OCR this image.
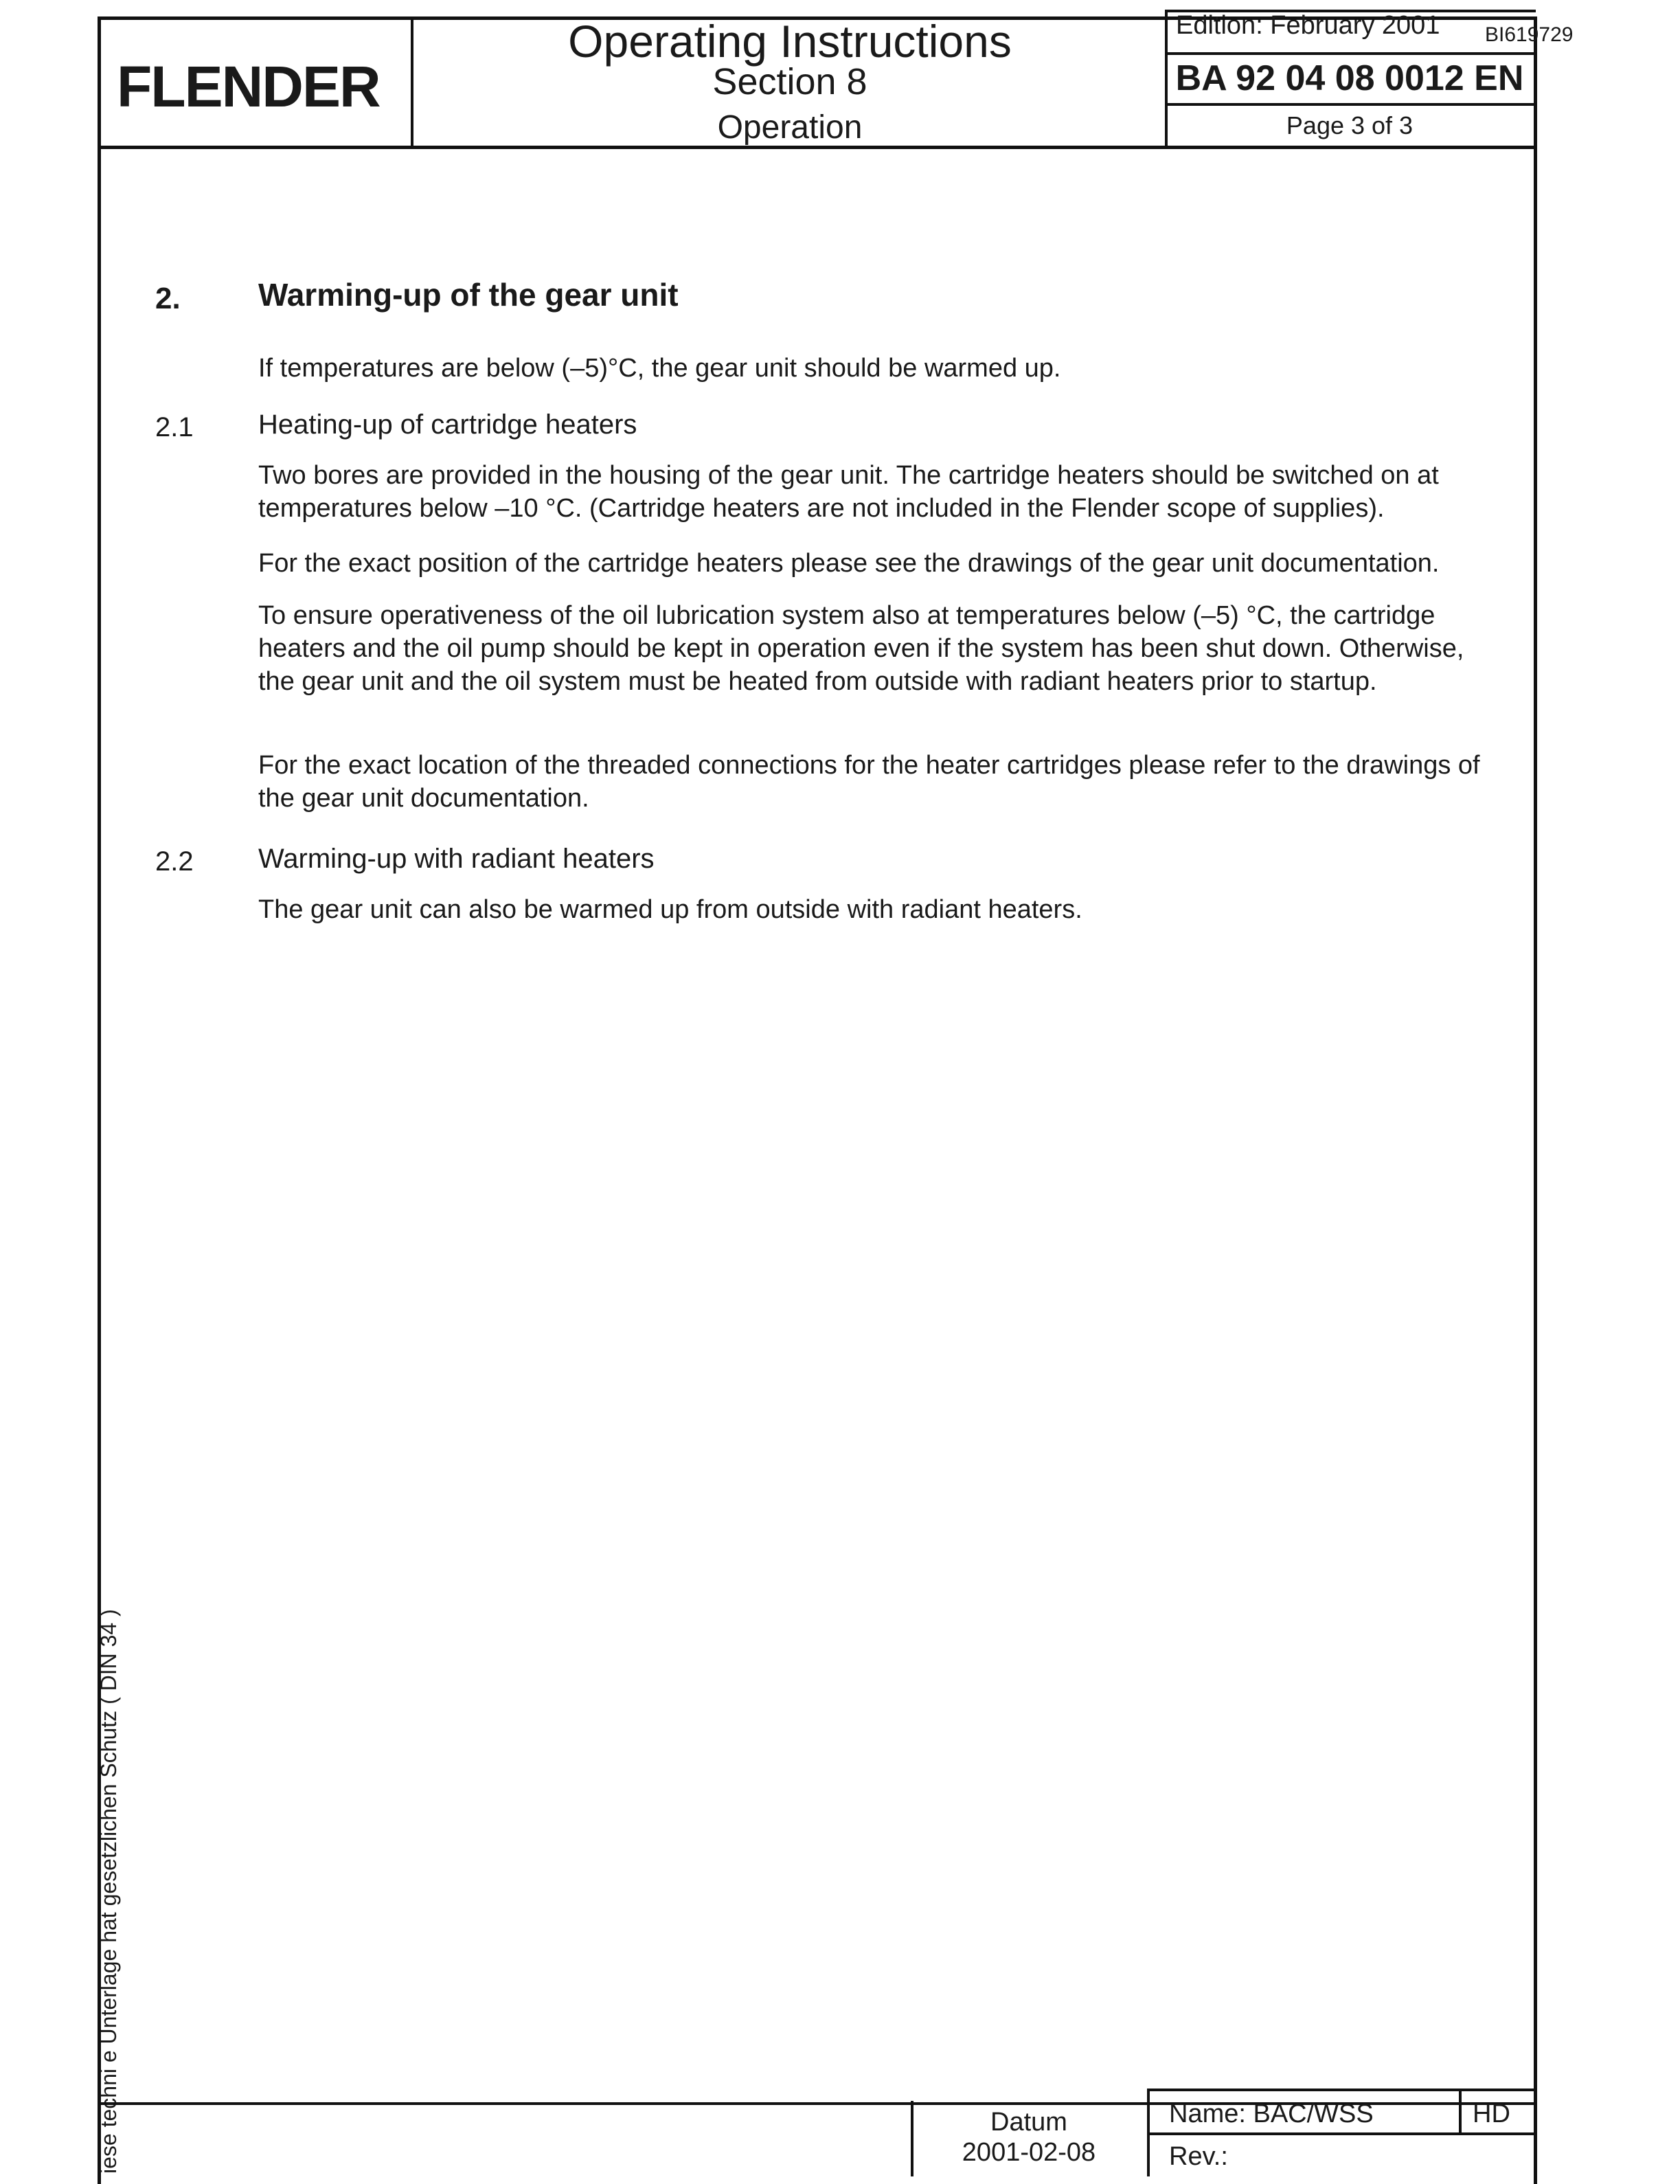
FLENDER
Operating Instructions
Section 8
Operation
Edition: February 2001 BI619729
BA 92 04 08 0012 EN
Page 3 of 3
2. Warming-up of the gear unit
If temperatures are below (–5)°C, the gear unit should be warmed up.
2.1 Heating-up of cartridge heaters
Two bores are provided in the housing of the gear unit. The cartridge heaters should be switched on at temperatures below –10 °C. (Cartridge heaters are not included in the Flender scope of supplies).
For the exact position of the cartridge heaters please see the drawings of the gear unit documentation.
To ensure operativeness of the oil lubrication system also at temperatures below (–5) °C, the cartridge heaters and the oil pump should be kept in operation even if the system has been shut down. Otherwise, the gear unit and the oil system must be heated from outside with radiant heaters prior to startup.
For the exact location of the threaded connections for the heater cartridges please refer to the drawings of the gear unit documentation.
2.2 Warming-up with radiant heaters
The gear unit can also be warmed up from outside with radiant heaters.
iese techni e Unterlage hat gesetzlichen Schutz ( DIN 34 )	Datum
2001-02-08
Name: BAC/WSS	HD
Rev.:
